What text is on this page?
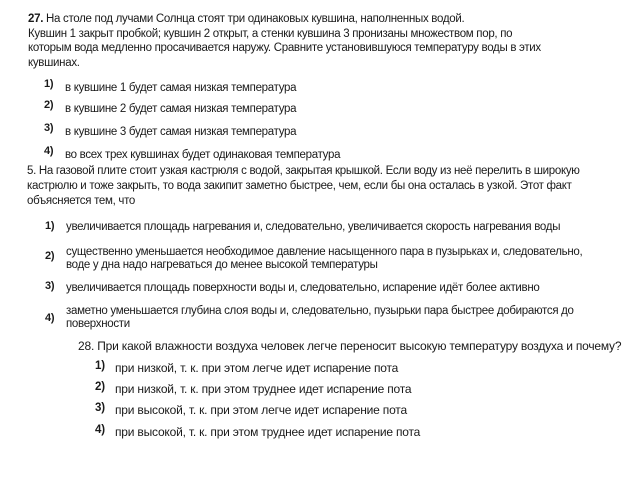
27. На столе под лучами Солнца стоят три одинаковых кувшина, наполненных водой.
Кувшин 1 закрыт пробкой; кувшин 2 открыт, а стенки кувшина 3 пронизаны множеством пор, по
которым вода медленно просачивается наружу. Сравните установившуюся температуру воды в этих
кувшинах.
1) в кувшине 1 будет самая низкая температура
2) в кувшине 2 будет самая низкая температура
3) в кувшине 3 будет самая низкая температура
4) во всех трех кувшинах будет одинаковая температура
5. На газовой плите стоит узкая кастрюля с водой, закрытая крышкой. Если воду из неё перелить в широкую
кастрюлю и тоже закрыть, то вода закипит заметно быстрее, чем, если бы она осталась в узкой. Этот факт
объясняется тем, что
1) увеличивается площадь нагревания и, следовательно, увеличивается скорость нагревания воды
2) существенно уменьшается необходимое давление насыщенного пара в пузырьках и, следовательно, воде у дна надо нагреваться до менее высокой температуры
3) увеличивается площадь поверхности воды и, следовательно, испарение идёт более активно
4)
заметно уменьшается глубина слоя воды и, следовательно, пузырьки пара быстрее добираются до поверхности
28. При какой влажности воздуха человек легче переносит высокую температуру воздуха и почему?
1) при низкой, т. к. при этом легче идет испарение пота
2) при низкой, т. к. при этом труднее идет испарение пота
3) при высокой, т. к. при этом легче идет испарение пота
4) при высокой, т. к. при этом труднее идет испарение пота
